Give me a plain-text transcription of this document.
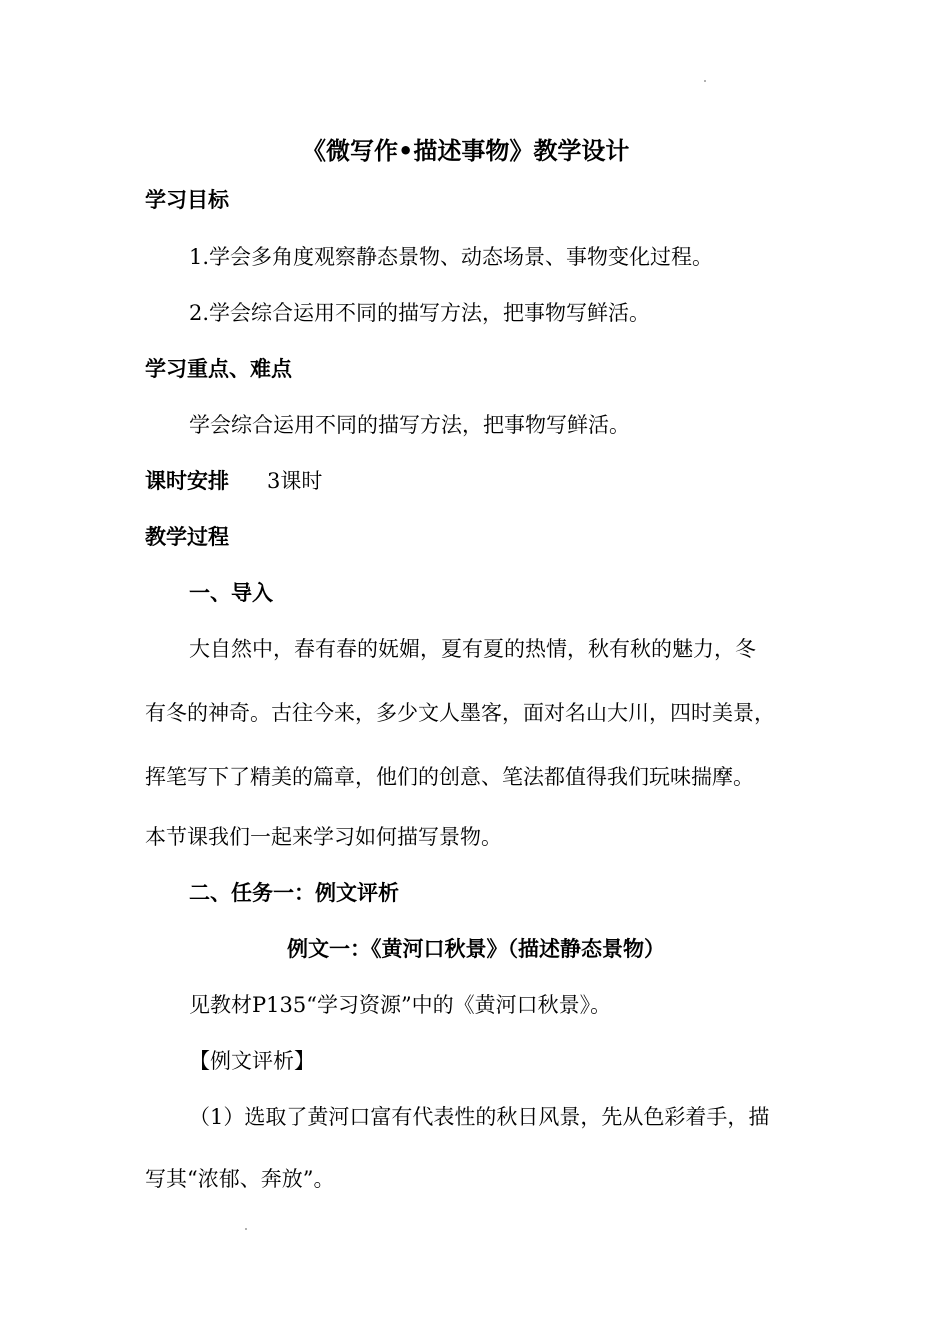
《微写作•描述事物》教学设计
学习目标
1.学会多角度观察静态景物、动态场景、事物变化过程。
2.学会综合运用不同的描写方法，把事物写鲜活。
学习重点、难点
学会综合运用不同的描写方法，把事物写鲜活。
课时安排 3课时
教学过程
一、导入
大自然中，春有春的妩媚，夏有夏的热情，秋有秋的魅力，冬
有冬的神奇。古往今来，多少文人墨客，面对名山大川，四时美景，
挥笔写下了精美的篇章，他们的创意、笔法都值得我们玩味揣摩。
本节课我们一起来学习如何描写景物。
二、任务一：例文评析
例文一：《黄河口秋景》（描述静态景物）
见教材P135“学习资源”中的《黄河口秋景》。
【例文评析】
（1）选取了黄河口富有代表性的秋日风景，先从色彩着手，描
写其“浓郁、奔放”。
